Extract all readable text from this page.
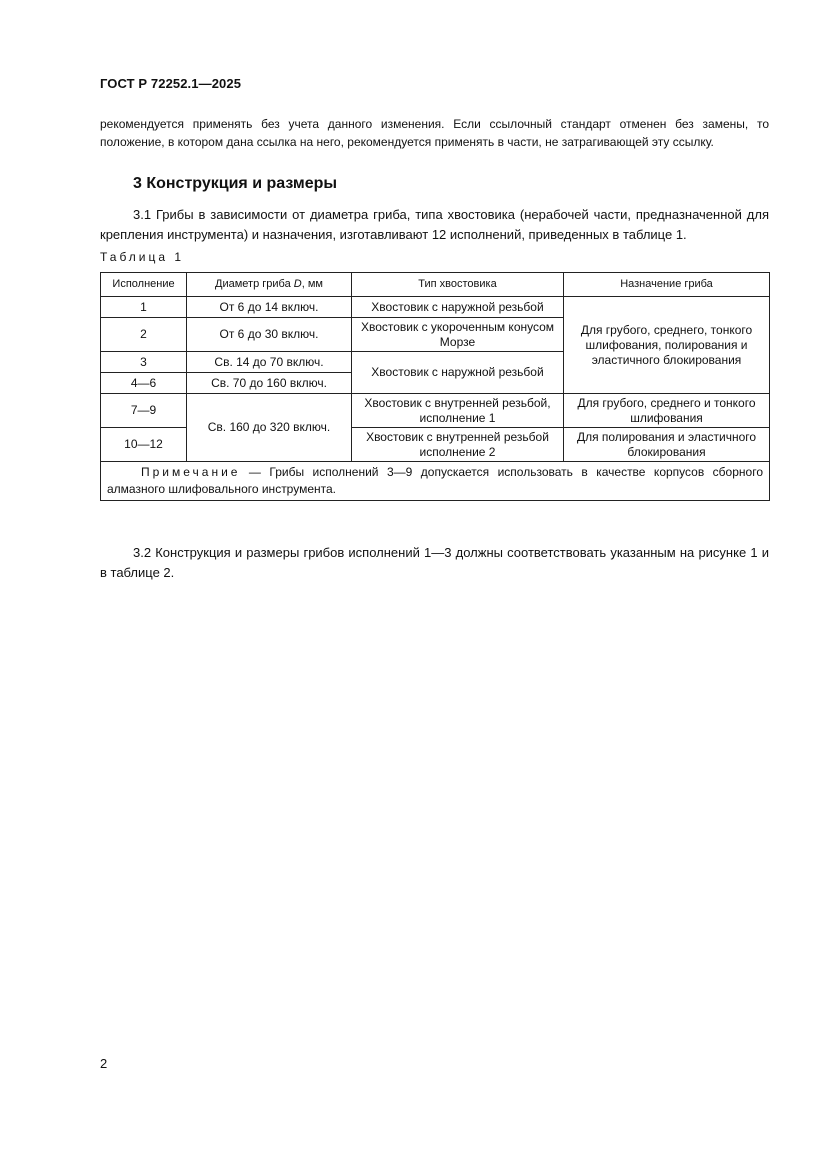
ГОСТ Р 72252.1—2025
рекомендуется применять без учета данного изменения. Если ссылочный стандарт отменен без замены, то положение, в котором дана ссылка на него, рекомендуется применять в части, не затрагивающей эту ссылку.
3 Конструкция и размеры
3.1 Грибы в зависимости от диаметра гриба, типа хвостовика (нерабочей части, предназначенной для крепления инструмента) и назначения, изготавливают 12 исполнений, приведенных в таблице 1.
Таблица 1
Исполнение	Диаметр гриба D, мм	Тип хвостовика	Назначение гриба
1	От 6 до 14 включ.	Хвостовик с наружной резьбой	Для грубого, среднего, тонкого шлифования, полирования и эластичного блокирования
2	От 6 до 30 включ.	Хвостовик с укороченным конусом Морзе	
3	Св. 14 до 70 включ.	Хвостовик с наружной резьбой	
4—6	Св. 70 до 160 включ.		
7—9	Св. 160 до 320 включ.	Хвостовик с внутренней резьбой, исполнение 1	Для грубого, среднего и тонкого шлифования
10—12		Хвостовик с внутренней резьбой исполнение 2	Для полирования и эластичного блокирования
Примечание — Грибы исполнений 3—9 допускается использовать в качестве корпусов сборного алмазного шлифовального инструмента.			
3.2 Конструкция и размеры грибов исполнений 1—3 должны соответствовать указанным на рисунке 1 и в таблице 2.
2
